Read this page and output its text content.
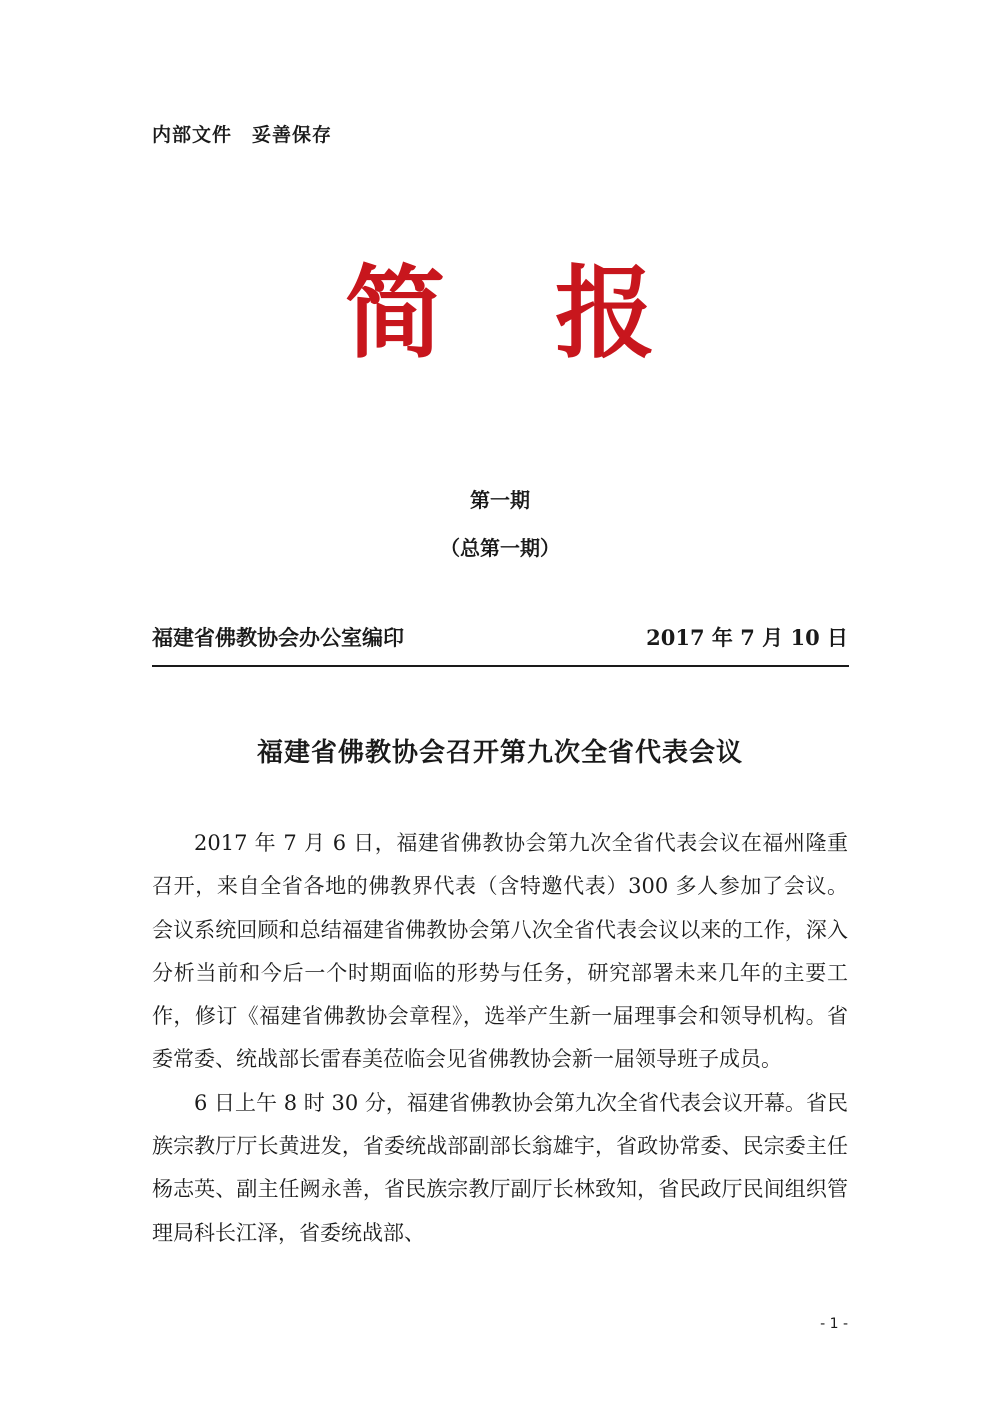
内部文件　妥善保存
简报
第一期
（总第一期）
福建省佛教协会办公室编印	2017 年 7 月 10 日
福建省佛教协会召开第九次全省代表会议

2017 年 7 月 6 日，福建省佛教协会第九次全省代表会议在福州隆重召开，来自全省各地的佛教界代表（含特邀代表）300 多人参加了会议。会议系统回顾和总结福建省佛教协会第八次全省代表会议以来的工作，深入分析当前和今后一个时期面临的形势与任务，研究部署未来几年的主要工作，修订《福建省佛教协会章程》，选举产生新一届理事会和领导机构。省委常委、统战部长雷春美莅临会见省佛教协会新一届领导班子成员。

6 日上午 8 时 30 分，福建省佛教协会第九次全省代表会议开幕。省民族宗教厅厅长黄进发，省委统战部副部长翁雄宇，省政协常委、民宗委主任杨志英、副主任阙永善，省民族宗教厅副厅长林致知，省民政厅民间组织管理局科长江泽，省委统战部、

- 1 -
